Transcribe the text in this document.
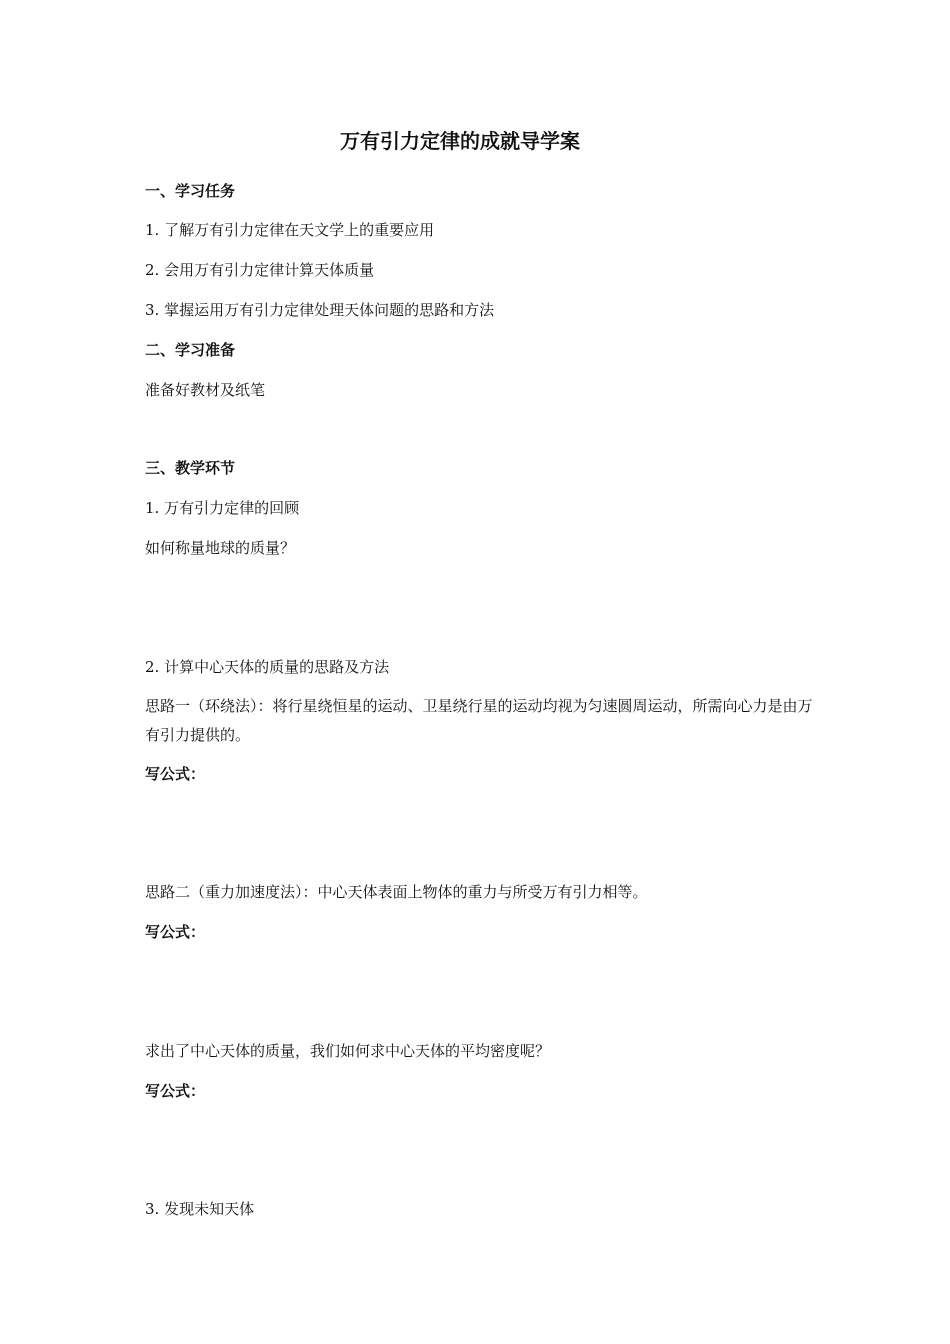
万有引力定律的成就导学案
一、学习任务
1. 了解万有引力定律在天文学上的重要应用
2. 会用万有引力定律计算天体质量
3. 掌握运用万有引力定律处理天体问题的思路和方法
二、学习准备
准备好教材及纸笔
三、教学环节
1. 万有引力定律的回顾
如何称量地球的质量？
2. 计算中心天体的质量的思路及方法
思路一（环绕法）：将行星绕恒星的运动、卫星绕行星的运动均视为匀速圆周运动，所需向心力是由万有引力提供的。
写公式：
思路二（重力加速度法）：中心天体表面上物体的重力与所受万有引力相等。
写公式：
求出了中心天体的质量，我们如何求中心天体的平均密度呢？
写公式：
3. 发现未知天体
